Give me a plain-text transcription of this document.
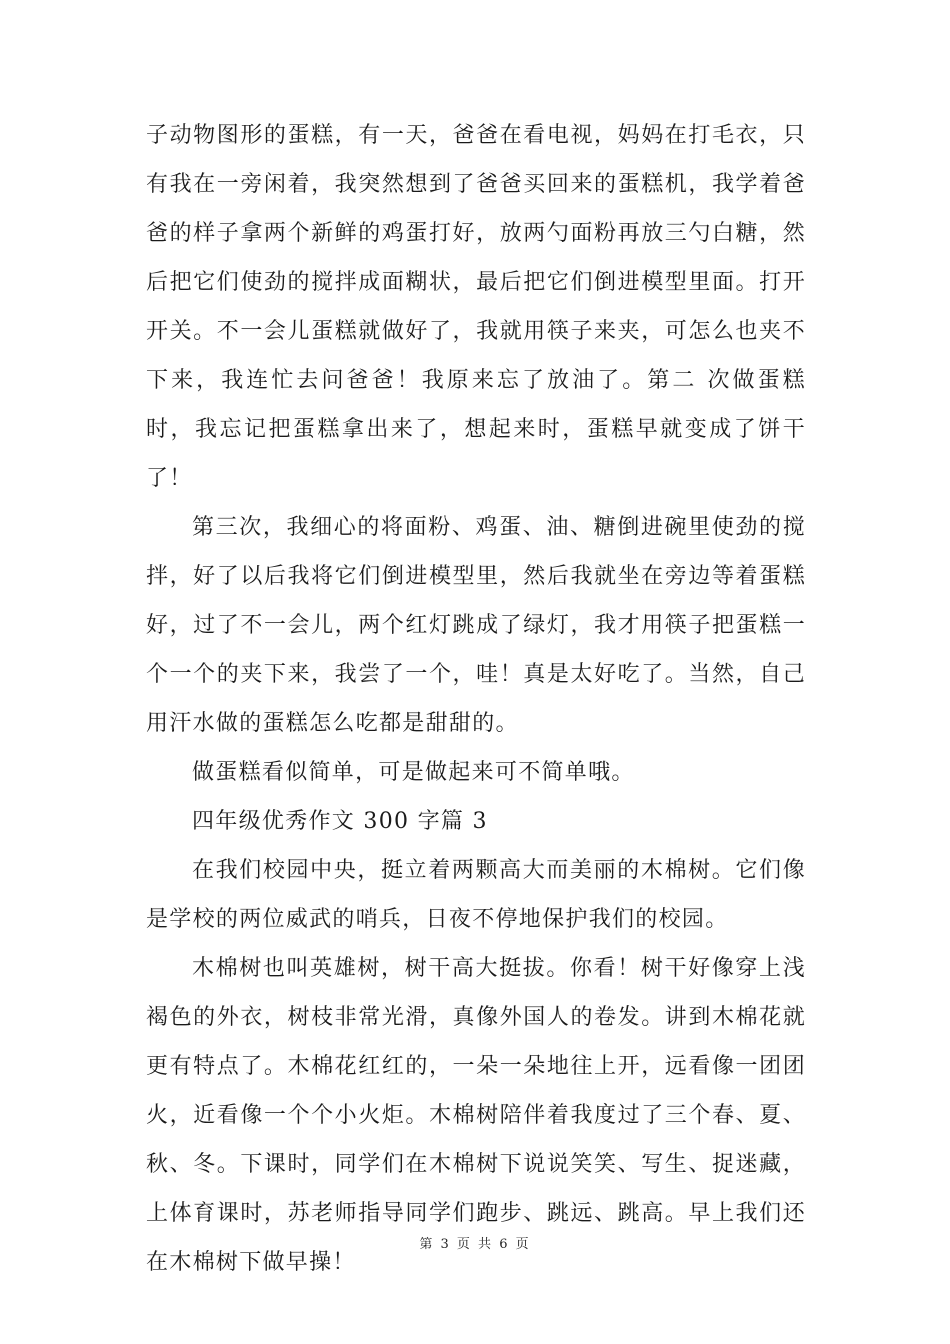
子动物图形的蛋糕，有一天，爸爸在看电视，妈妈在打毛衣，只有我在一旁闲着，我突然想到了爸爸买回来的蛋糕机，我学着爸爸的样子拿两个新鲜的鸡蛋打好，放两勺面粉再放三勺白糖，然后把它们使劲的搅拌成面糊状，最后把它们倒进模型里面。打开开关。不一会儿蛋糕就做好了，我就用筷子来夹，可怎么也夹不下来，我连忙去问爸爸！我原来忘了放油了。第二 次做蛋糕时，我忘记把蛋糕拿出来了，想起来时，蛋糕早就变成了饼干了！

第三次，我细心的将面粉、鸡蛋、油、糖倒进碗里使劲的搅拌，好了以后我将它们倒进模型里，然后我就坐在旁边等着蛋糕好，过了不一会儿，两个红灯跳成了绿灯，我才用筷子把蛋糕一个一个的夹下来，我尝了一个，哇！真是太好吃了。当然，自己用汗水做的蛋糕怎么吃都是甜甜的。

做蛋糕看似简单，可是做起来可不简单哦。

四年级优秀作文 300 字篇 3

在我们校园中央，挺立着两颗高大而美丽的木棉树。它们像是学校的两位威武的哨兵，日夜不停地保护我们的校园。

木棉树也叫英雄树，树干高大挺拔。你看！树干好像穿上浅褐色的外衣，树枝非常光滑，真像外国人的卷发。讲到木棉花就更有特点了。木棉花红红的，一朵一朵地往上开，远看像一团团火，近看像一个个小火炬。木棉树陪伴着我度过了三个春、夏、秋、冬。下课时，同学们在木棉树下说说笑笑、写生、捉迷藏，上体育课时，苏老师指导同学们跑步、跳远、跳高。早上我们还在木棉树下做早操！

第 3 页 共 6 页
